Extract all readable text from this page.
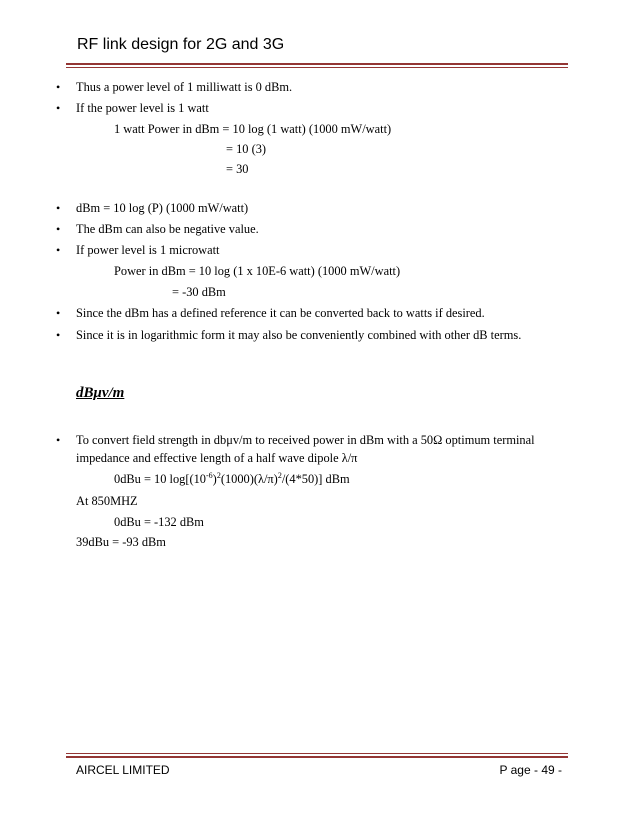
RF link design for 2G and 3G
• Thus a power level of 1 milliwatt is 0 dBm.
• If the power level is 1 watt
1 watt Power in dBm = 10 log (1 watt) (1000 mW/watt)
= 10 (3)
= 30
• dBm = 10 log (P) (1000 mW/watt)
• The dBm can also be negative value.
• If power level is 1 microwatt
Power in dBm = 10 log (1 x 10E-6 watt) (1000 mW/watt)
= -30 dBm
• Since the dBm has a defined reference it can be converted back to watts if desired.
• Since it is in logarithmic form it may also be conveniently combined with other dB terms.
dBμv/m
• To convert field strength in dbμv/m to received power in dBm with a 50Ω optimum terminal
impedance and effective length of a half wave dipole λ/π
0dBu = 10 $\log[(10^{-6})^2(1000)(\lambda/\pi)^2/(4*50)]$ dBm
At 850MHZ
0dBu = -132 dBm
39dBu = -93 dBm
AIRCEL LIMITED	P age - 49 -
